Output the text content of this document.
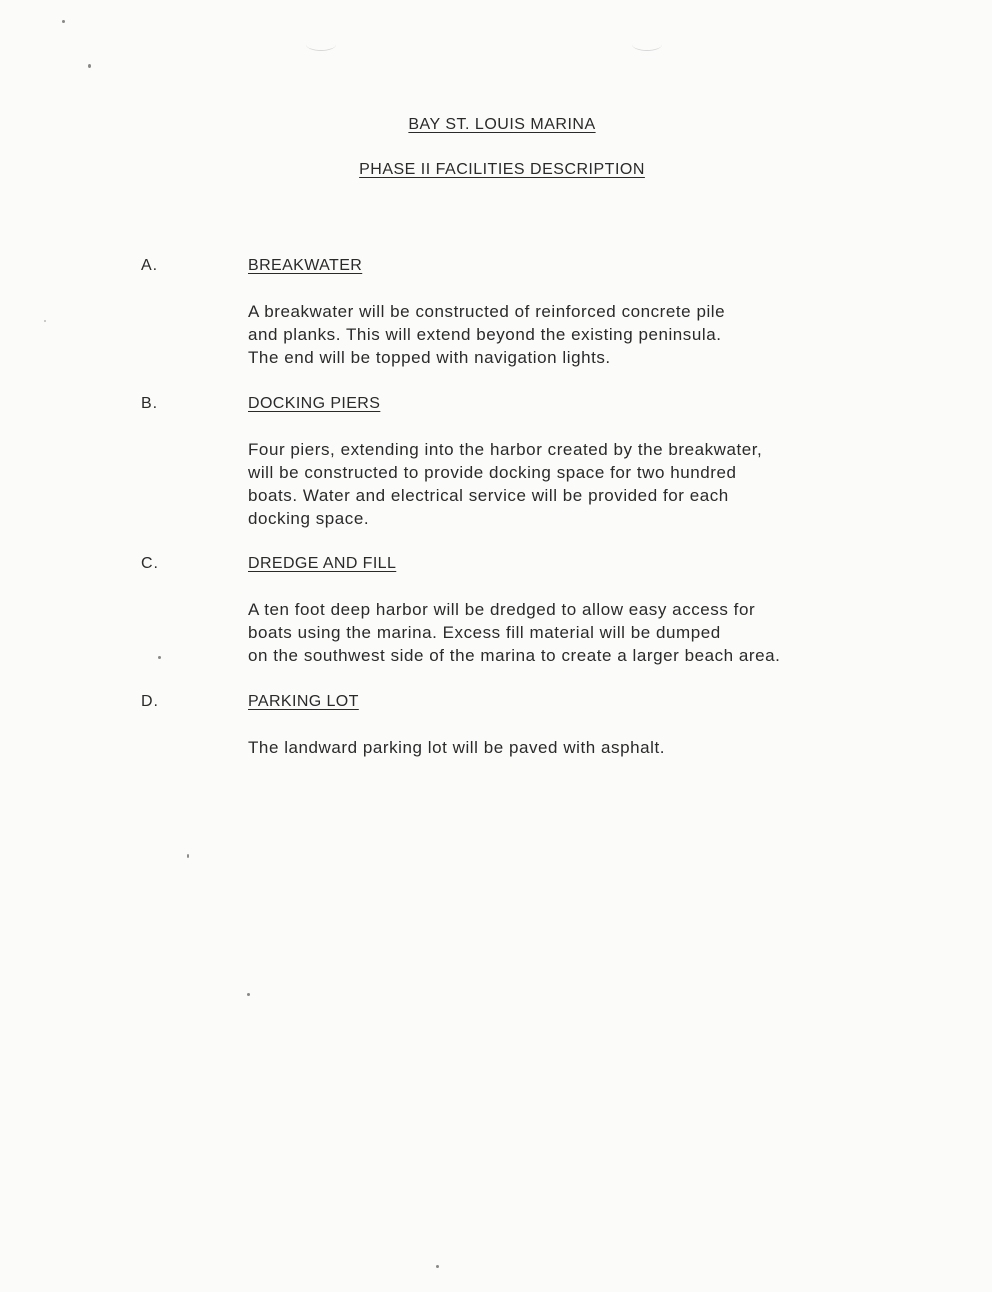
BAY ST. LOUIS MARINA
PHASE II FACILITIES DESCRIPTION
A.	BREAKWATER

A breakwater will be constructed of reinforced concrete pile

and planks. This will extend beyond the existing peninsula.

The end will be topped with navigation lights.

B.	DOCKING PIERS

Four piers, extending into the harbor created by the breakwater,

will be constructed to provide docking space for two hundred

boats. Water and electrical service will be provided for each

docking space.

C.	DREDGE AND FILL

A ten foot deep harbor will be dredged to allow easy access for

boats using the marina. Excess fill material will be dumped

on the southwest side of the marina to create a larger beach area.

D.	PARKING LOT

The landward parking lot will be paved with asphalt.
